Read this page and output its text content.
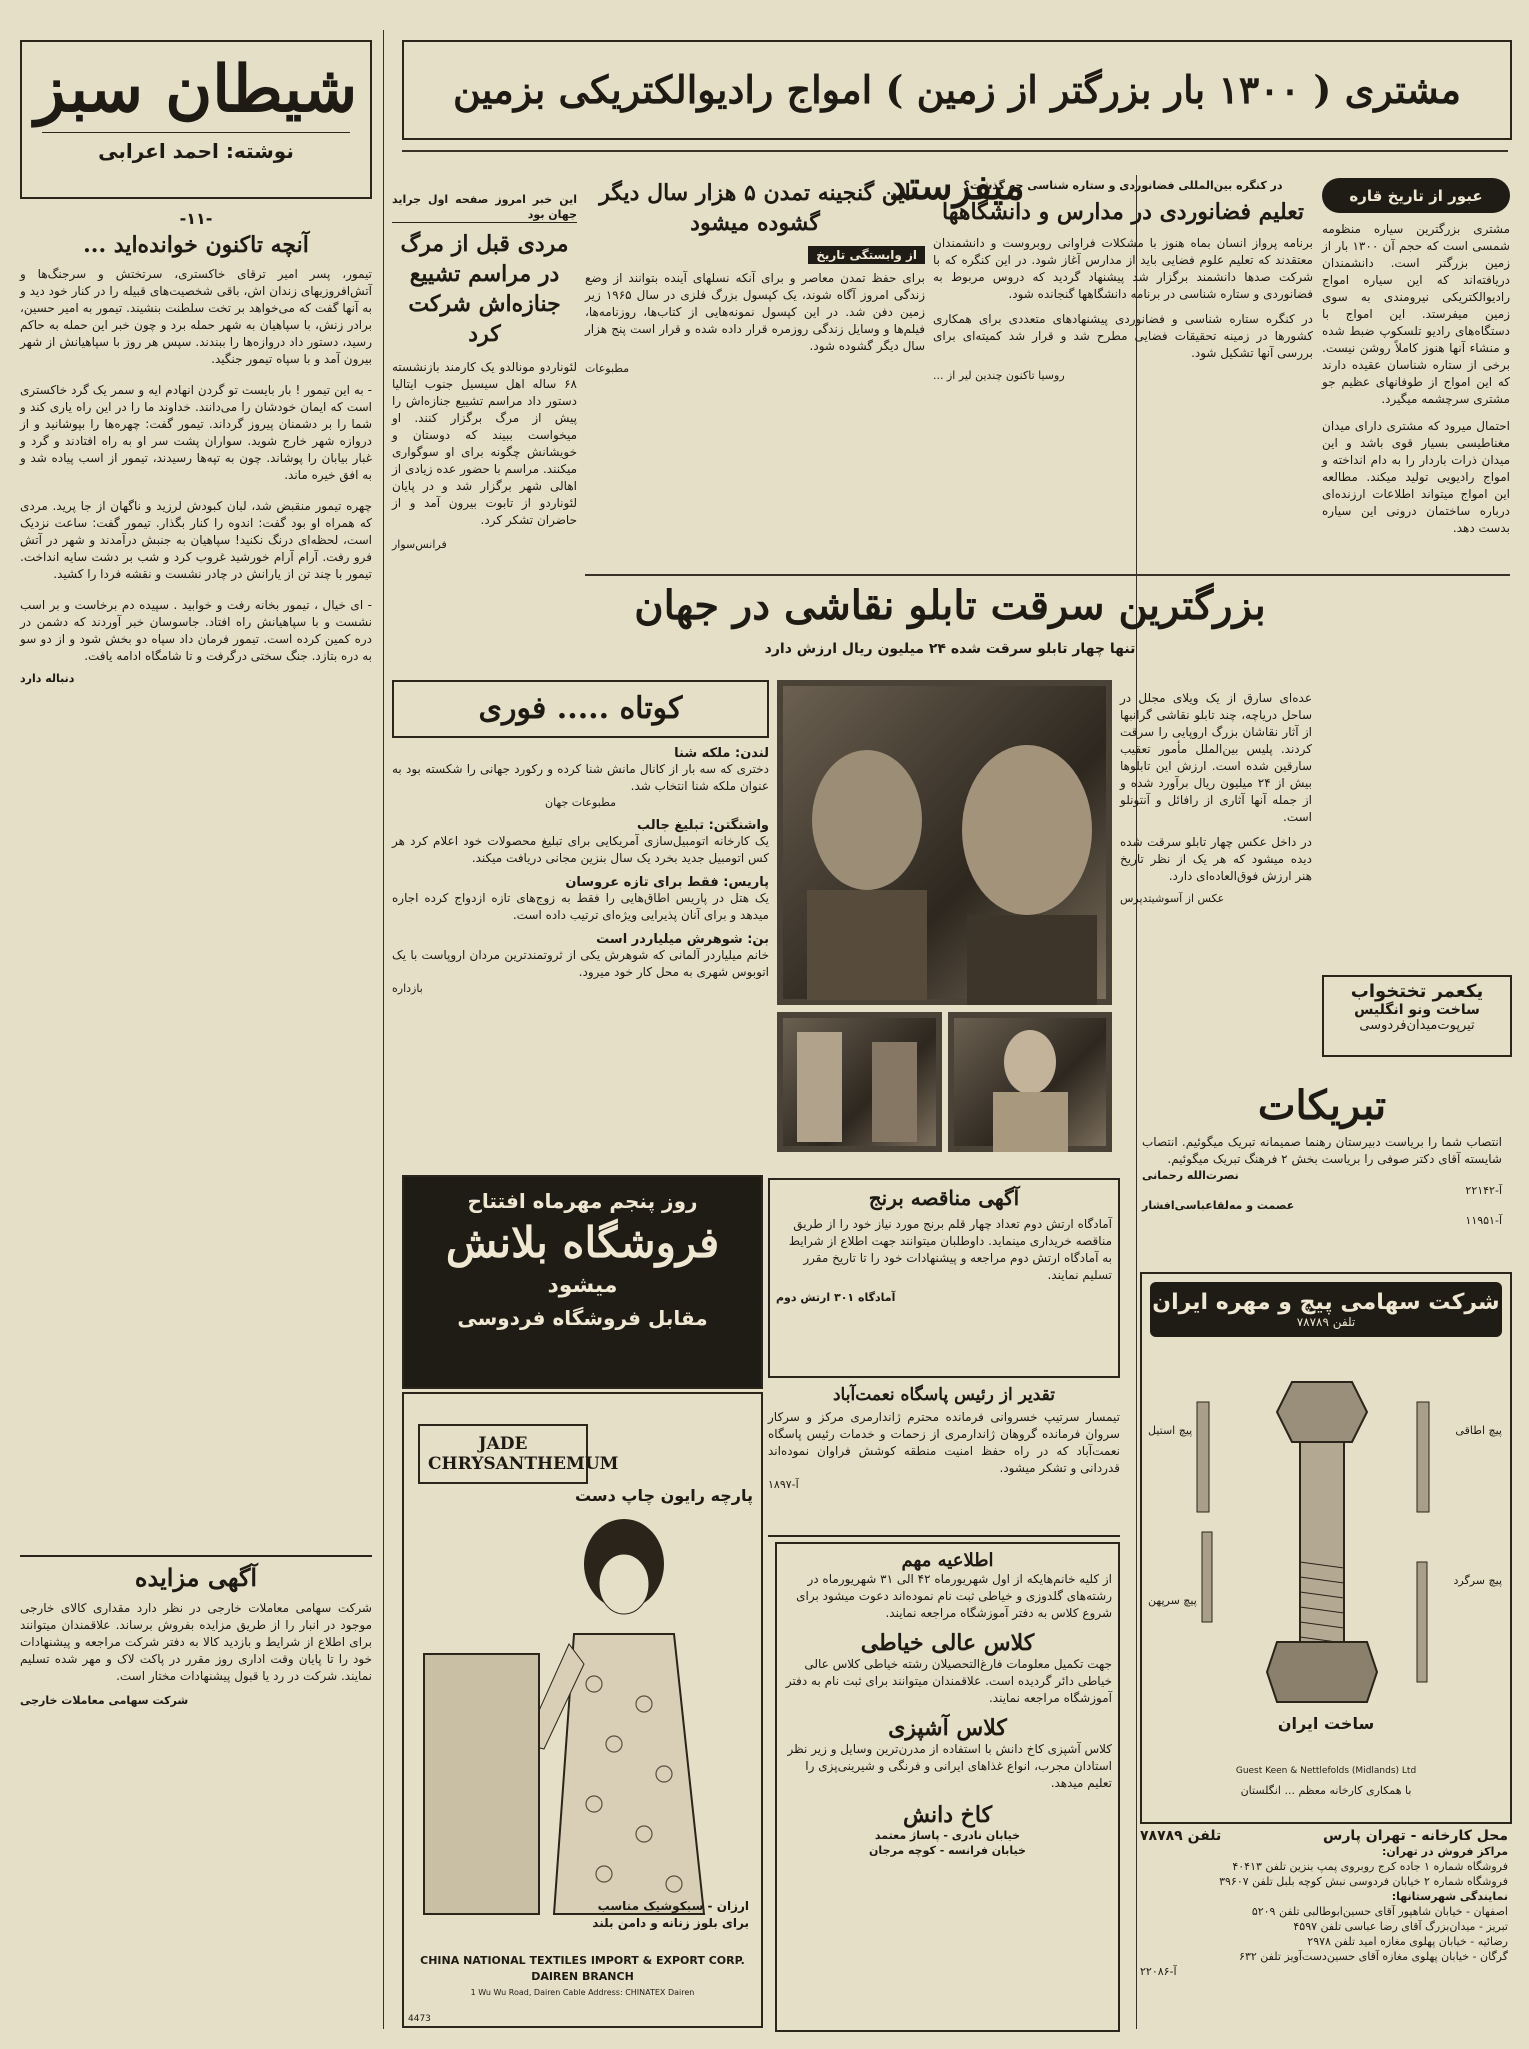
شیطان سبز
نوشته: احمد اعرابی
-۱۱-
آنچه تاکنون خوانده‌اید ...
تیمور، پسر امیر ترقای خاکستری، سرتختش و سرجنگ‌ها و آتش‌افروزیهای زندان اش، باقی شخصیت‌های قبیله را در کنار خود دید و به آنها گفت که می‌خواهد بر تخت سلطنت بنشیند. تیمور به امیر حسین، برادر زنش، با سپاهیان به شهر حمله برد و چون خبر این حمله به حاکم رسید، دستور داد دروازه‌ها را ببندند. سپس هر روز با سپاهیانش از شهر بیرون آمد و با سپاه تیمور جنگید.
- به این تیمور ! بار بایست تو گردن انهادم ایه و سمر یک گرد خاکستری است که ایمان خودشان را می‌دانند. خداوند ما را در این راه یاری کند و شما را بر دشمنان پیروز گرداند. تیمور گفت: چهره‌ها را بپوشانید و از دروازه شهر خارج شوید. سواران پشت سر او به راه افتادند و گرد و غبار بیابان را پوشاند. چون به تپه‌ها رسیدند، تیمور از اسب پیاده شد و به افق خیره ماند.
چهره تیمور منقبض شد، لبان کبودش لرزید و ناگهان از جا پرید. مردی که همراه او بود گفت: اندوه را کنار بگذار. تیمور گفت: ساعت نزدیک است، لحظه‌ای درنگ نکنید! سپاهیان به جنبش درآمدند و شهر در آتش فرو رفت. آرام آرام خورشید غروب کرد و شب بر دشت سایه انداخت. تیمور با چند تن از یارانش در چادر نشست و نقشه فردا را کشید.
- ای خیال ، تیمور بخانه رفت و خوابید . سپیده دم برخاست و بر اسب نشست و با سپاهیانش راه افتاد. جاسوسان خبر آوردند که دشمن در دره کمین کرده است. تیمور فرمان داد سپاه دو بخش شود و از دو سو به دره بتازد. جنگ سختی درگرفت و تا شامگاه ادامه یافت.
دنباله دارد
آگهی مزایده
شرکت سهامی معاملات خارجی در نظر دارد مقداری کالای خارجی موجود در انبار را از طریق مزایده بفروش برساند. علاقمندان میتوانند برای اطلاع از شرایط و بازدید کالا به دفتر شرکت مراجعه و پیشنهادات خود را تا پایان وقت اداری روز مقرر در پاکت لاک و مهر شده تسلیم نمایند. شرکت در رد یا قبول پیشنهادات مختار است.
شرکت سهامی معاملات خارجی
مشتری ( ۱۳۰۰ بار بزرگتر از زمین ) امواج رادیوالکتریکی بزمین میفرستد
این خبر امروز صفحه اول جراید جهان بود
مردی قبل از مرگ در مراسم تشییع جنازه‌اش شرکت کرد
لئوناردو مونالدو یک کارمند بازنشسته ۶۸ ساله اهل سیسیل جنوب ایتالیا دستور داد مراسم تشییع جنازه‌اش را پیش از مرگ برگزار کنند. او میخواست ببیند که دوستان و خویشانش چگونه برای او سوگواری میکنند. مراسم با حضور عده زیادی از اهالی شهر برگزار شد و در پایان لئوناردو از تابوت بیرون آمد و از حاضران تشکر کرد.
فرانس‌سوار
این گنجینه تمدن ۵ هزار سال دیگر گشوده میشود
از وابستگی تاریخ
برای حفظ تمدن معاصر و برای آنکه نسلهای آینده بتوانند از وضع زندگی امروز آگاه شوند، یک کپسول بزرگ فلزی در سال ۱۹۶۵ زیر زمین دفن شد. در این کپسول نمونه‌هایی از کتاب‌ها، روزنامه‌ها، فیلم‌ها و وسایل زندگی روزمره قرار داده شده و قرار است پنج هزار سال دیگر گشوده شود.
مطبوعات
در کنگره بین‌المللی فضانوردی و ستاره شناسی چه گذشت؟
تعلیم فضانوردی در مدارس و دانشگاهها
برنامه پرواز انسان بماه هنوز با مشکلات فراوانی روبروست و دانشمندان معتقدند که تعلیم علوم فضایی باید از مدارس آغاز شود. در این کنگره که با شرکت صدها دانشمند برگزار شد پیشنهاد گردید که دروس مربوط به فضانوردی و ستاره شناسی در برنامه دانشگاهها گنجانده شود.
در کنگره ستاره شناسی و فضانوردی پیشنهادهای متعددی برای همکاری کشورها در زمینه تحقیقات فضایی مطرح شد و قرار شد کمیته‌ای برای بررسی آنها تشکیل شود.
روسیا تاکنون چندین لیر از ...
عبور از تاریخ قاره
مشتری بزرگترین سیاره منظومه شمسی است که حجم آن ۱۳۰۰ بار از زمین بزرگتر است. دانشمندان دریافته‌اند که این سیاره امواج رادیوالکتریکی نیرومندی به سوی زمین میفرستد. این امواج با دستگاه‌های رادیو تلسکوپ ضبط شده و منشاء آنها هنوز کاملاً روشن نیست. برخی از ستاره شناسان عقیده دارند که این امواج از طوفانهای عظیم جو مشتری سرچشمه میگیرد.
احتمال میرود که مشتری دارای میدان مغناطیسی بسیار قوی باشد و این میدان ذرات باردار را به دام انداخته و امواج رادیویی تولید میکند. مطالعه این امواج میتواند اطلاعات ارزنده‌ای درباره ساختمان درونی این سیاره بدست دهد.
بزرگترین سرقت تابلو نقاشی در جهان
تنها چهار تابلو سرقت شده ۲۴ میلیون ریال ارزش دارد
عده‌ای سارق از یک ویلای مجلل در ساحل دریاچه، چند تابلو نقاشی گرانبها از آثار نقاشان بزرگ اروپایی را سرقت کردند. پلیس بین‌الملل مأمور تعقیب سارقین شده است. ارزش این تابلوها بیش از ۲۴ میلیون ریال برآورد شده و از جمله آنها آثاری از رافائل و آنتونلو است.
در داخل عکس چهار تابلو سرقت شده دیده میشود که هر یک از نظر تاریخ هنر ارزش فوق‌العاده‌ای دارد.
عکس از آسوشیتدپرس
یکعمر تختخواب
ساخت ونو انگلیس
تیرپوت‌میدان‌فردوسی
کوتاه ..... فوری
لندن: ملکه شنا
دختری که سه بار از کانال مانش شنا کرده و رکورد جهانی را شکسته بود به عنوان ملکه شنا انتخاب شد.
مطبوعات جهان
واشنگتن: تبلیغ جالب
یک کارخانه اتومبیل‌سازی آمریکایی برای تبلیغ محصولات خود اعلام کرد هر کس اتومبیل جدید بخرد یک سال بنزین مجانی دریافت میکند.
پاریس: فقط برای تازه عروسان
یک هتل در پاریس اطاق‌هایی را فقط به زوج‌های تازه ازدواج کرده اجاره میدهد و برای آنان پذیرایی ویژه‌ای ترتیب داده است.
بن: شوهرش میلیاردر است
خانم میلیاردر آلمانی که شوهرش یکی از ثروتمندترین مردان اروپاست با یک اتوبوس شهری به محل کار خود میرود.
بازداره
روز پنجم مهرماه افتتاح
فروشگاه بلانش
میشود
مقابل فروشگاه فردوسی
آگهی مناقصه برنج
آمادگاه ارتش دوم تعداد چهار قلم برنج مورد نیاز خود را از طریق مناقصه خریداری مینماید. داوطلبان میتوانند جهت اطلاع از شرایط به آمادگاه ارتش دوم مراجعه و پیشنهادات خود را تا تاریخ مقرر تسلیم نمایند.
آمادگاه ۳۰۱ ارتش دوم
تقدیر از رئیس پاسگاه نعمت‌آباد
تیمسار سرتیپ خسروانی فرمانده محترم ژاندارمری مرکز و سرکار سروان فرمانده گروهان ژاندارمری از زحمات و خدمات رئیس پاسگاه نعمت‌آباد که در راه حفظ امنیت منطقه کوشش فراوان نموده‌اند قدردانی و تشکر میشود.
آ-۱۸۹۷
JADE CHRYSANTHEMUM
پارچه رایون چاپ دست
ارزان - سبکوشیک مناسب
برای بلوز زنانه و دامن بلند
CHINA NATIONAL TEXTILES IMPORT & EXPORT CORP.
DAIREN BRANCH
1 Wu Wu Road, Dairen Cable Address: CHINATEX Dairen
4473
اطلاعیه مهم
از کلیه خانم‌هایکه از اول شهریورماه ۴۲ الی ۳۱ شهریورماه در رشته‌های گلدوزی و خیاطی ثبت نام نموده‌اند دعوت میشود برای شروع کلاس به دفتر آموزشگاه مراجعه نمایند.
کلاس عالی خیاطی
جهت تکمیل معلومات فارغ‌التحصیلان رشته خیاطی کلاس عالی خیاطی دائر گردیده است. علاقمندان میتوانند برای ثبت نام به دفتر آموزشگاه مراجعه نمایند.
کلاس آشپزی
کلاس آشپزی کاخ دانش با استفاده از مدرن‌ترین وسایل و زیر نظر استادان مجرب، انواع غذاهای ایرانی و فرنگی و شیرینی‌پزی را تعلیم میدهد.
کاخ دانش
خیابان نادری - پاساژ معتمد
خیابان فرانسه - کوچه مرجان
تبریکات
انتصاب شما را بریاست دبیرستان رهنما صمیمانه تبریک میگوئیم. انتصاب شایسته آقای دکتر صوفی را بریاست بخش ۲ فرهنگ تبریک میگوئیم.
نصرت‌الله رحمانی
آ-۲۲۱۴۲
عصمت و مه‌لقاعباسی‌افشار
آ-۱۱۹۵۱
شرکت سهامی پیچ و مهره ایران
تلفن ۷۸۷۸۹
پیچ اطاقی
پیچ استیل
پیچ سرگرد
پیچ سرپهن
ساخت ایران
Guest Keen & Nettlefolds (Midlands) Ltd
با همکاری کارخانه معظم ... انگلستان
محل کارخانه - تهران پارس
تلفن ۷۸۷۸۹
مراکز فروش در تهران:
فروشگاه شماره ۱ جاده کرج روبروی پمپ بنزین تلفن ۴۰۴۱۳
فروشگاه شماره ۲ خیابان فردوسی نبش کوچه بلبل تلفن ۳۹۶۰۷
نمایندگی شهرستانها:
اصفهان - خیابان شاهپور آقای حسین‌ابوطالبی تلفن ۵۲۰۹
تبریز - میدان‌بزرگ آقای رضا عباسی تلفن ۴۵۹۷
رضائیه - خیابان پهلوی مغازه امید تلفن ۲۹۷۸
گرگان - خیابان پهلوی مغازه آقای حسین‌دست‌آویز تلفن ۶۳۲
آ-۲۲۰۸۶
